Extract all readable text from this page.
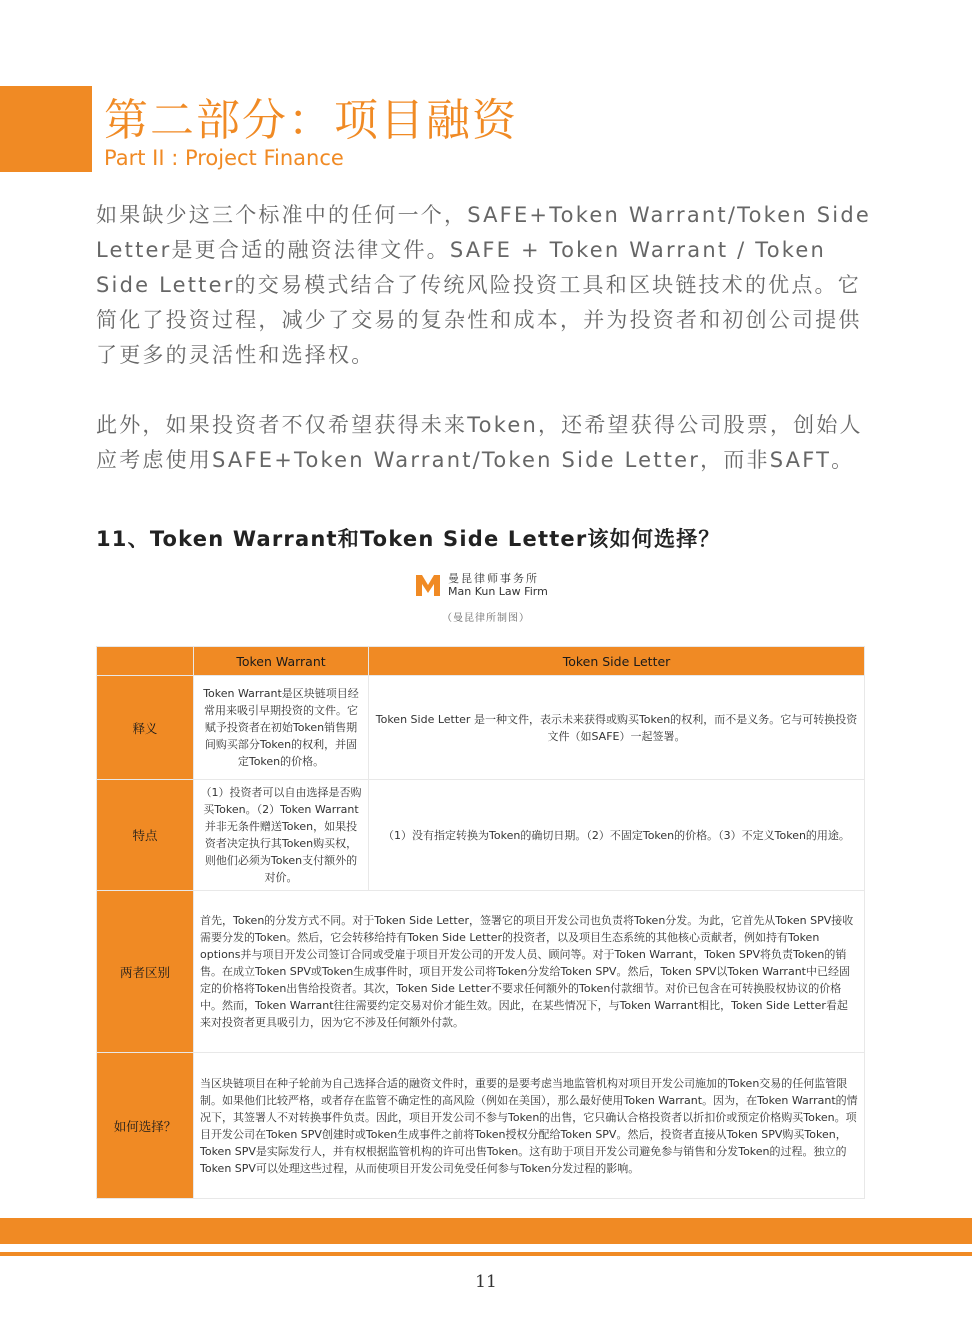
第二部分：项目融资
Part II : Project Finance

如果缺少这三个标准中的任何一个，SAFE+Token Warrant/Token Side Letter是更合适的融资法律文件。SAFE + Token Warrant / Token Side Letter的交易模式结合了传统风险投资工具和区块链技术的优点。它简化了投资过程，减少了交易的复杂性和成本，并为投资者和初创公司提供了更多的灵活性和选择权。

此外，如果投资者不仅希望获得未来Token，还希望获得公司股票，创始人应考虑使用SAFE+Token Warrant/Token Side Letter，而非SAFT。

11、Token Warrant和Token Side Letter该如何选择？
曼昆律师事务所
Man Kun Law Firm
（曼昆律所制图）
	Token Warrant	Token Side Letter
释义	Token Warrant是区块链项目经常用来吸引早期投资的文件。它赋予投资者在初始Token销售期间购买部分Token的权利，并固定Token的价格。	Token Side Letter 是一种文件，表示未来获得或购买Token的权利，而不是义务。它与可转换投资文件（如SAFE）一起签署。

特点	（1）投资者可以自由选择是否购买Token。（2）Token Warrant并非无条件赠送Token，如果投资者决定执行其Token购买权，则他们必须为Token支付额外的对价。	（1）没有指定转换为Token的确切日期。（2）不固定Token的价格。（3）不定义Token的用途。

两者区别	首先，Token的分发方式不同。对于Token Side Letter，签署它的项目开发公司也负责将Token分发。为此，它首先从Token SPV接收需要分发的Token。然后，它会转移给持有Token Side Letter的投资者，以及项目生态系统的其他核心贡献者，例如持有Token options并与项目开发公司签订合同或受雇于项目开发公司的开发人员、顾问等。对于Token Warrant，Token SPV将负责Token的销售。在成立Token SPV或Token生成事件时，项目开发公司将Token分发给Token SPV。然后，Token SPV以Token Warrant中已经固定的价格将Token出售给投资者。其次，Token Side Letter不要求任何额外的Token付款细节。对价已包含在可转换股权协议的价格中。然而，Token Warrant往往需要约定交易对价才能生效。因此，在某些情况下，与Token Warrant相比，Token Side Letter看起来对投资者更具吸引力，因为它不涉及任何额外付款。	

如何选择？	当区块链项目在种子轮前为自己选择合适的融资文件时，重要的是要考虑当地监管机构对项目开发公司施加的Token交易的任何监管限制。如果他们比较严格，或者存在监管不确定性的高风险（例如在美国），那么最好使用Token Warrant。因为，在Token Warrant的情况下，其签署人不对转换事件负责。因此，项目开发公司不参与Token的出售，它只确认合格投资者以折扣价或预定价格购买Token。项目开发公司在Token SPV创建时或Token生成事件之前将Token授权分配给Token SPV。然后，投资者直接从Token SPV购买Token，Token SPV是实际发行人，并有权根据监管机构的许可出售Token。这有助于项目开发公司避免参与销售和分发Token的过程。独立的Token SPV可以处理这些过程，从而使项目开发公司免受任何参与Token分发过程的影响。	
11
